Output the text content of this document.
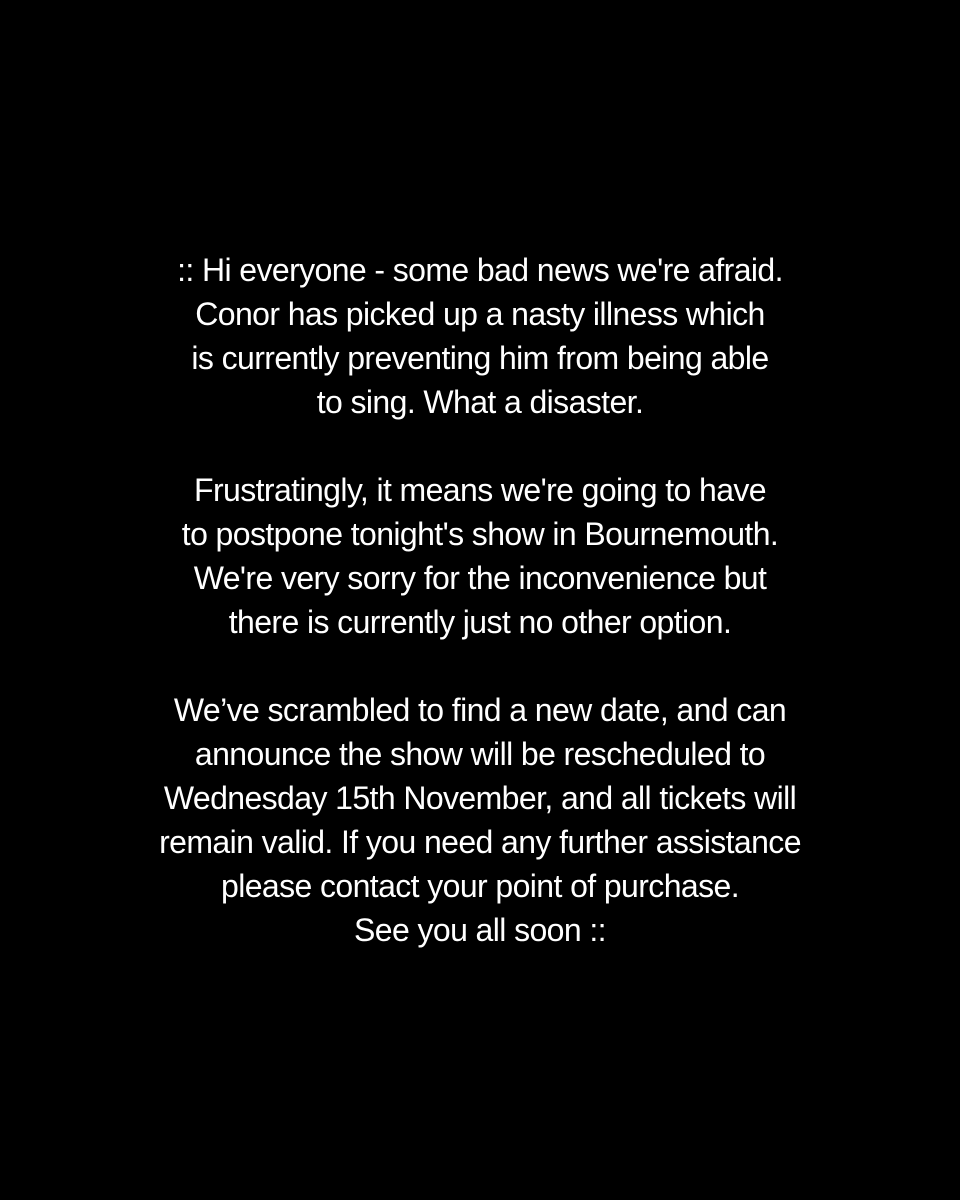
:: Hi everyone - some bad news we're afraid.
Conor has picked up a nasty illness which
is currently preventing him from being able
to sing. What a disaster.
Frustratingly, it means we're going to have
to postpone tonight's show in Bournemouth.
We're very sorry for the inconvenience but
there is currently just no other option.
We’ve scrambled to find a new date, and can
announce the show will be rescheduled to
Wednesday 15th November, and all tickets will
remain valid. If you need any further assistance
please contact your point of purchase.
See you all soon ::
